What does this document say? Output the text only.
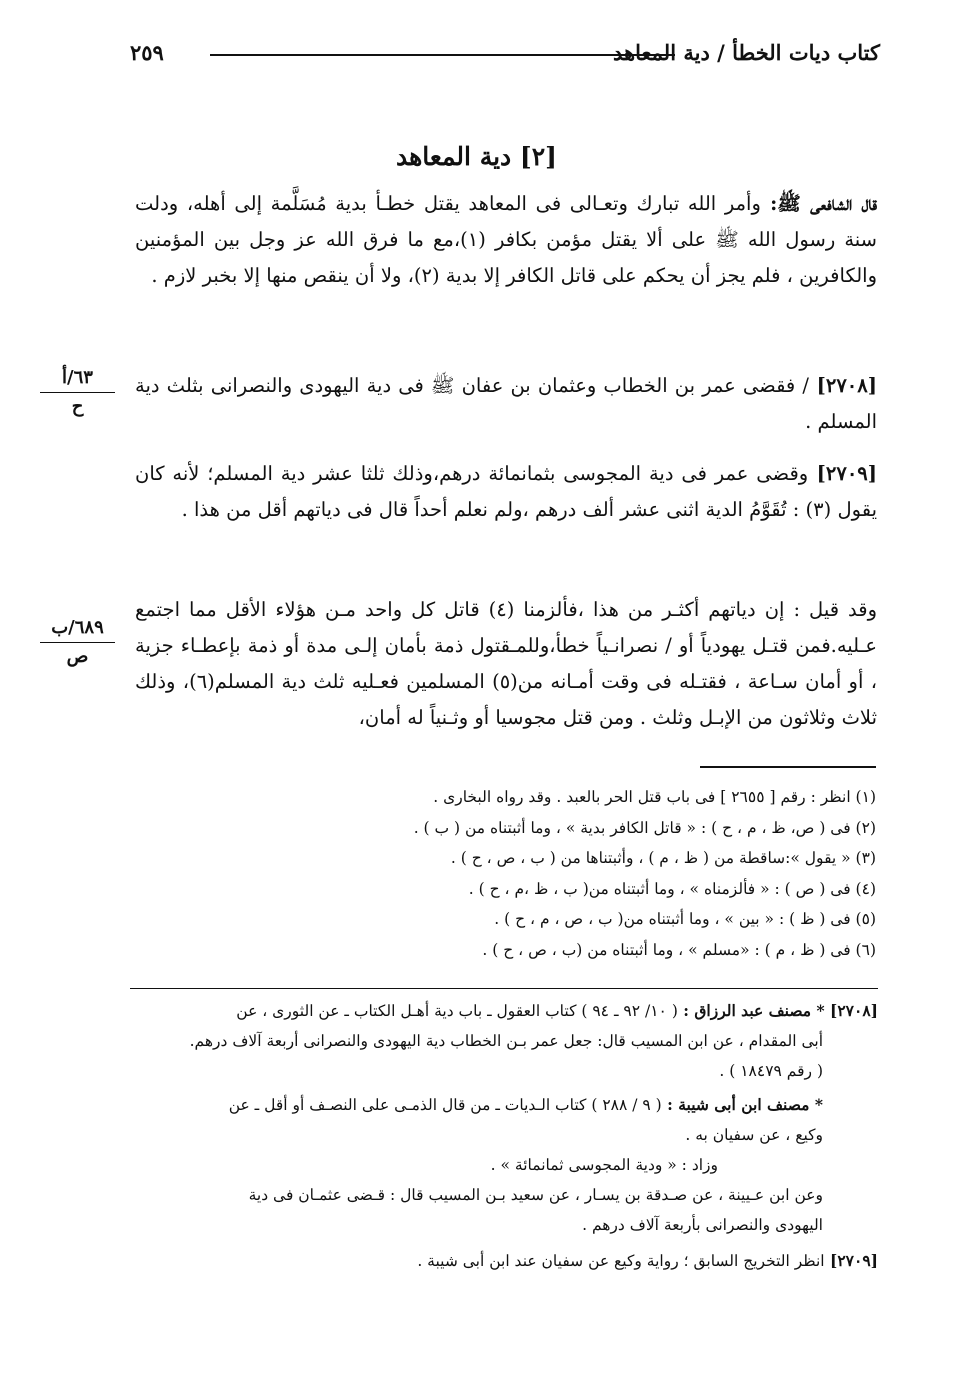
كتاب ديات الخطأ / دية المعاهد
٢٥٩
[٢] دية المعاهد
قال الشافعى ﷺ: وأمر الله تبارك وتعـالى فى المعاهد يقتل خطـأ بدية مُسَلَّمة إلى أهله، ودلت سنة رسول الله ﷺ على ألا يقتل مؤمن بكافر (١)،مع ما فرق الله عز وجل بين المؤمنين والكافرين ، فلم يجز أن يحكم على قاتل الكافر إلا بدية (٢)، ولا أن ينقص منها إلا بخبر لازم .
٦٣/أ
ح
[٢٧٠٨] / فقضى عمر بن الخطاب وعثمان بن عفان ﷺ فى دية اليهودى والنصرانى بثلث دية المسلم .
[٢٧٠٩] وقضى عمر فى دية المجوسى بثمانمائة درهم،وذلك ثلثا عشر دية المسلم؛ لأنه كان يقول (٣) : تُقَوَّمُ الدية اثنى عشر ألف درهم ،ولم نعلم أحداً قال فى دياتهم أقل من هذا .
٦٨٩/ب
ص
وقد قيل : إن دياتهم أكثـر من هذا ،فألزمنا (٤) قاتل كل واحد مـن هؤلاء الأقل مما اجتمع عـليه.فمن قتـل يهودياً أو / نصرانـياً خطأ،وللمـقتول ذمة بأمان إلـى مدة أو ذمة بإعطـاء جزية ، أو أمان سـاعة ، فقتـله فى وقت أمـانه من(٥) المسلمين فعـليه ثلث دية المسلم(٦)، وذلك ثلاث وثلاثون من الإبـل وثلث . ومن قتل مجوسيا أو وثـنياً له أمان،
(١) انظر : رقم [ ٢٦٥٥ ] فى باب قتل الحر بالعبد . وقد رواه البخارى .
(٢) فى ( ص، ظ ، م ، ح ) : « قاتل الكافر بدية » ، وما أثبتناه من ( ب ) .
(٣) « يقول »:ساقطة من ( ظ ، م ) ، وأثبتناها من ( ب ، ص ، ح ) .
(٤) فى ( ص ) : « فألزمناه » ، وما أثبتناه من( ب ، ظ ،م ، ح ) .
(٥) فى ( ظ ) : « بين » ، وما أثبتناه من( ب ، ص ، م ، ح ) .
(٦) فى ( ظ ، م ) : «مسلم » ، وما أثبتناه من (ب ، ص ، ح ) .
[٢٧٠٨] * مصنف عبد الرزاق : ( ١٠/ ٩٢ ـ ٩٤ ) كتاب العقول ـ باب دية أهـل الكتاب ـ عن الثورى ، عن
أبى المقدام ، عن ابن المسيب قال: جعل عمر بـن الخطاب دية اليهودى والنصرانى أربعة آلاف درهم.
( رقم ١٨٤٧٩ ) .
* مصنف ابن أبى شيبة : ( ٩ / ٢٨٨ ) كتاب الـديات ـ من قال الذمـى على النصـف أو أقل ـ عن
وكيع ، عن سفيان به .
وزاد : « ودية المجوسى ثمانمائة » .
وعن ابن عـيينة ، عن صـدقة بن يسـار ، عن سعيد بـن المسيب قال : قـضى عثمـان فى دية
اليهودى والنصرانى بأربعة آلاف درهم .
[٢٧٠٩] انظر التخريج السابق ؛ رواية وكيع عن سفيان عند ابن أبى شيبة .
